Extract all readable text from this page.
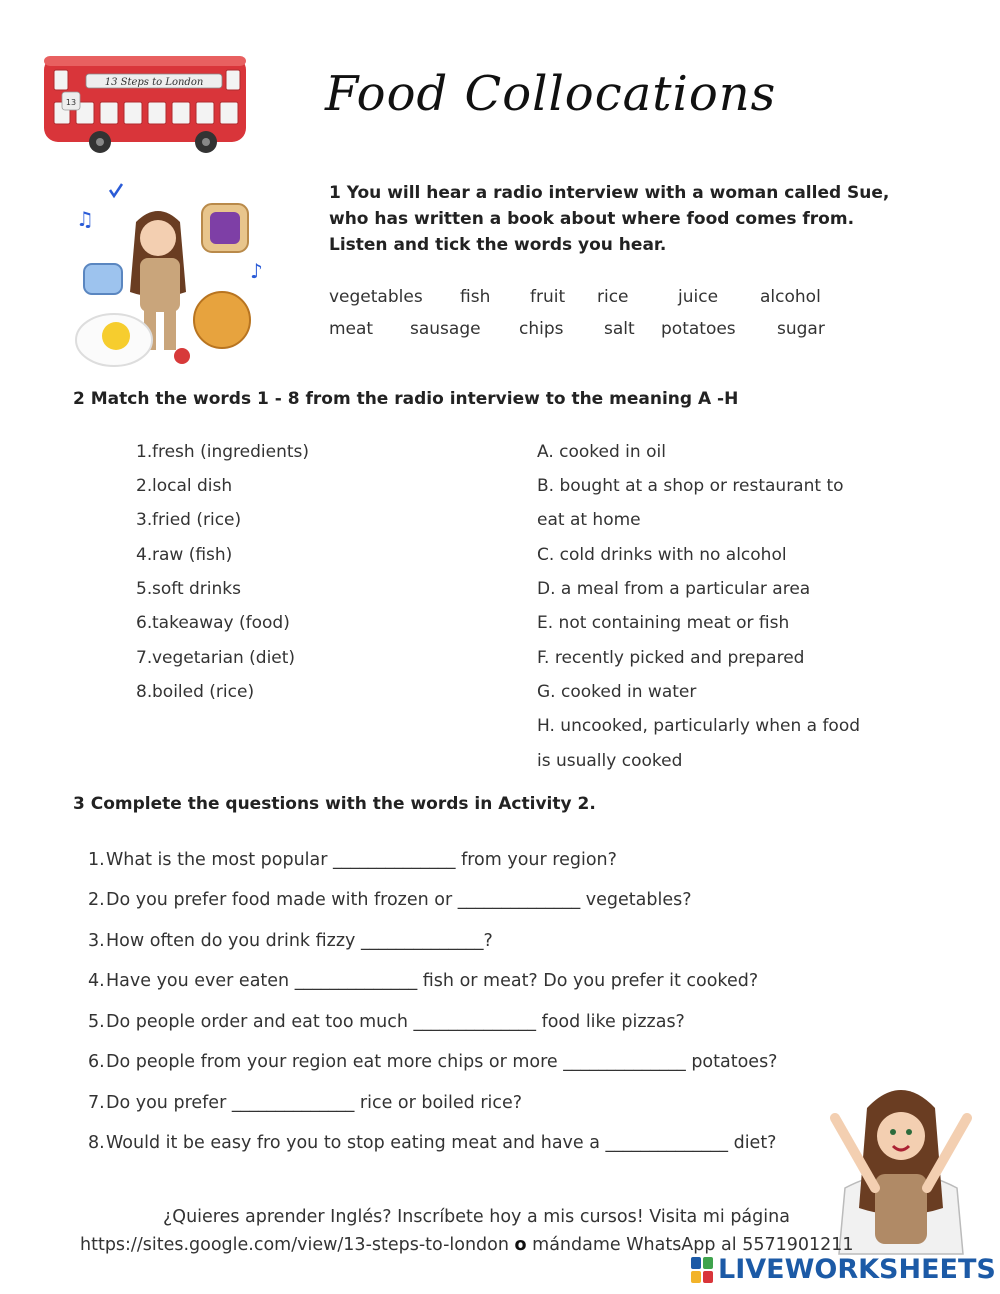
13 Steps to London
13	Food Collocations
♫
♪
1 You will hear a radio interview with a woman called Sue, who has written a book about where food comes from. Listen and tick the words you hear.
vegetables fish fruit rice	juice alcohol
meat sausage chips salt potatoes sugar
2 Match the words 1 - 8 from the radio interview to the meaning A -H
1.fresh (ingredients)
2.local dish
3.fried (rice)
4.raw (fish)
5.soft drinks
6.takeaway (food)
7.vegetarian (diet)
8.boiled (rice)
A. cooked in oil
B. bought at a shop or restaurant to
eat at home
C. cold drinks with no alcohol
D. a meal from a particular area
E. not containing meat or fish
F. recently picked and prepared
G. cooked in water
H. uncooked, particularly when a food
is usually cooked
3 Complete the questions with the words in Activity 2.
1.What is the most popular ______________ from your region?
2.Do you prefer food made with frozen or ______________ vegetables?
3.How often do you drink fizzy ______________?
4.Have you ever eaten ______________ fish or meat? Do you prefer it cooked?
5.Do people order and eat too much ______________ food like pizzas?
6.Do people from your region eat more chips or more ______________ potatoes?
7.Do you prefer ______________ rice or boiled rice?
8.Would it be easy fro you to stop eating meat and have a ______________ diet?
¿Quieres aprender Inglés? Inscríbete hoy a mis cursos! Visita mi página
https://sites.google.com/view/13-steps-to-london o mándame WhatsApp al 5571901211
LIVEWORKSHEETS
